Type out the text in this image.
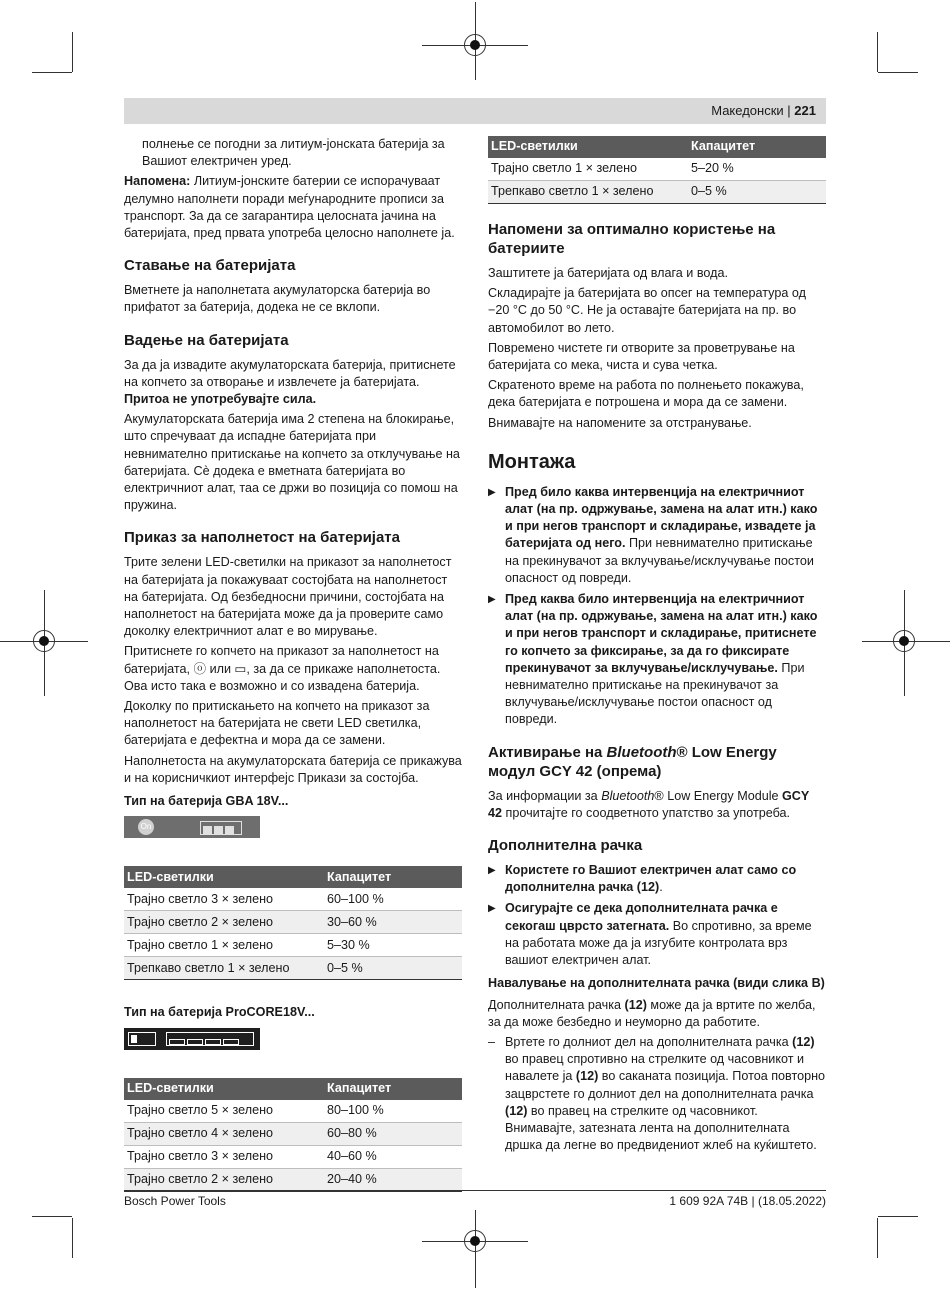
Македонски | 221

полнење се погодни за литиум-јонската батерија за Вашиот електричен уред.

Напомена: Литиум-јонските батерии се испорачуваат делумно наполнети поради меѓународните прописи за транспорт. За да се загарантира целосната јачина на батеријата, пред првата употреба целосно наполнете ја.

Ставање на батеријата

Вметнете ја наполнетата акумулаторска батерија во прифатот за батерија, додека не се вклопи.

Вадење на батеријата

За да ја извадите акумулаторската батерија, притиснете на копчето за отворање и извлечете ја батеријата. Притоа не употребувајте сила.

Акумулаторската батерија има 2 степена на блокирање, што спречуваат да испадне батеријата при невнимателно притискање на копчето за отклучување на батеријата. Сè додека е вметната батеријата во електричниот алат, таа се држи во позиција со помош на пружина.

Приказ за наполнетост на батеријата

Трите зелени LED-светилки на приказот за наполнетост на батеријата ја покажуваат состојбата на наполнетост на батеријата. Од безбедносни причини, состојбата на наполнетост на батеријата може да ја проверите само доколку електричниот алат е во мирување.

Притиснете го копчето на приказот за наполнетост на батеријата, ⓞ или ▭, за да се прикаже наполнетоста. Ова исто така е возможно и со извадена батерија.

Доколку по притискањето на копчето на приказот за наполнетост на батеријата не свети LED светилка, батеријата е дефектна и мора да се замени.

Наполнетоста на акумулаторската батерија се прикажува и на корисничкиот интерфејс Прикази за состојба.

Тип на батерија GBA 18V...
On
LED-светилки	Капацитет
Трајно светло 3 × зелено	60–100 %
Трајно светло 2 × зелено	30–60 %
Трајно светло 1 × зелено	5–30 %
Трепкаво светло 1 × зелено	0–5 %
Тип на батерија ProCORE18V...
LED-светилки	Капацитет
Трајно светло 5 × зелено	80–100 %
Трајно светло 4 × зелено	60–80 %
Трајно светло 3 × зелено	40–60 %
Трајно светло 2 × зелено	20–40 %
LED-светилки	Капацитет
Трајно светло 1 × зелено	5–20 %
Трепкаво светло 1 × зелено	0–5 %
Напомени за оптимално користење на батериите

Заштитете ја батеријата од влага и вода.

Складирајте ја батеријата во опсег на температура од −20 °C до 50 °C. Не ја оставајте батеријата на пр. во автомобилот во лето.

Повремено чистете ги отворите за проветрување на батеријата со мека, чиста и сува четка.

Скратеното време на работа по полнењето покажува, дека батеријата е потрошена и мора да се замени.

Внимавајте на напомените за отстранување.

Монтажа
▶ Пред било каква интервенција на електричниот алат (на пр. одржување, замена на алат итн.) како и при негов транспорт и складирање, извадете ја батеријата од него. При невнимателно притискање на прекинувачот за вклучување/исклучување постои опасност од повреди.
▶ Пред каква било интервенција на електричниот алат (на пр. одржување, замена на алат итн.) како и при негов транспорт и складирање, притиснете го копчето за фиксирање, за да го фиксирате прекинувачот за вклучување/исклучување. При невнимателно притискање на прекинувачот за вклучување/исклучување постои опасност од повреди.
Активирање на Bluetooth® Low Energy модул GCY 42 (опрема)

За информации за Bluetooth® Low Energy Module GCY 42 прочитајте го соодветното упатство за употреба.

Дополнителна рачка
▶ Користете го Вашиот електричен алат само со дополнителна рачка (12).
▶ Осигурајте се дека дополнителната рачка е секогаш цврсто затегната. Во спротивно, за време на работата може да ја изгубите контролата врз вашиот електричен алат.
Навалување на дополнителната рачка (види слика B)

Дополнителната рачка (12) може да ја вртите по желба, за да може безбедно и неуморно да работите.

– Вртете го долниот дел на дополнителната рачка (12) во правец спротивно на стрелките од часовникот и навалете ја (12) во саканата позиција. Потоа повторно зацврстете го долниот дел на дополнителната рачка (12) во правец на стрелките од часовникот. Внимавајте, затезната лента на дополнителната дршка да легне во предвидениот жлеб на куќиштето.
Bosch Power Tools	1 609 92A 74B | (18.05.2022)
